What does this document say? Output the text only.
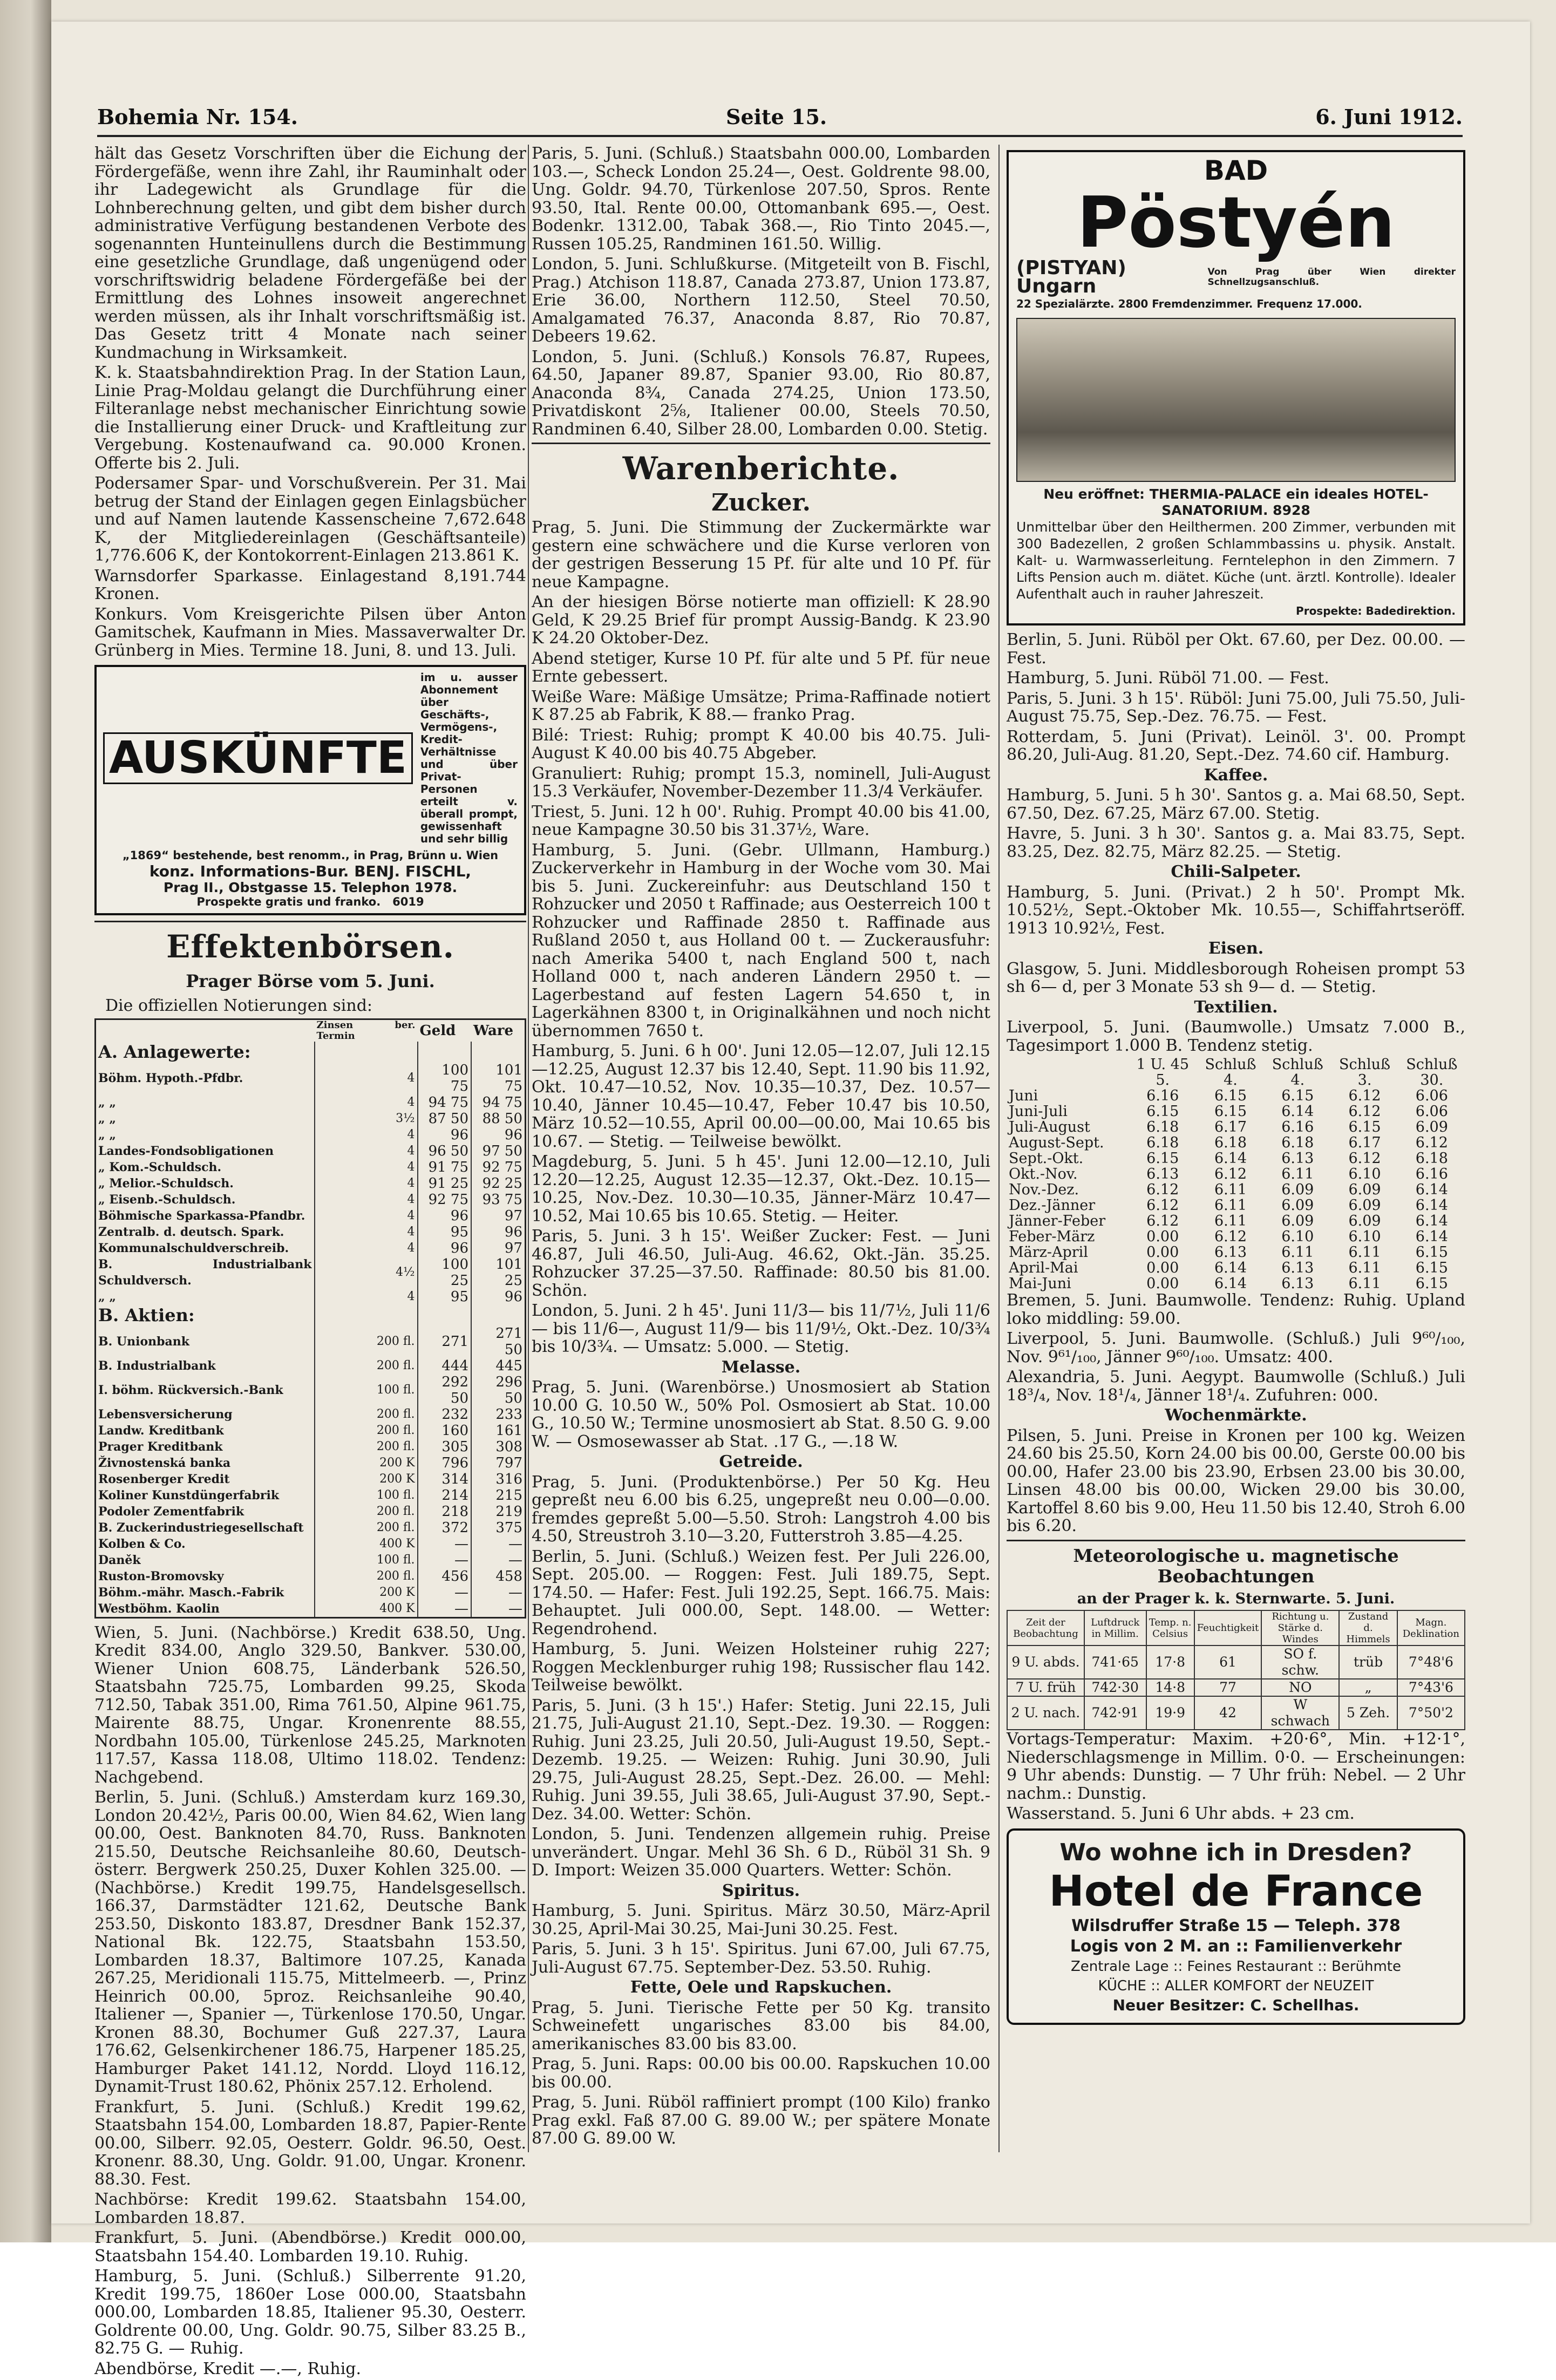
Bohemia Nr. 154.	Seite 15.	6. Juni 1912.

hält das Gesetz Vorschriften über die Eichung der Fördergefäße, wenn ihre Zahl, ihr Rauminhalt oder ihr Ladegewicht als Grundlage für die Lohnberechnung gelten, und gibt dem bisher durch administrative Verfügung bestandenen Verbote des sogenannten Hunteinullens durch die Bestimmung eine gesetzliche Grundlage, daß ungenügend oder vorschriftswidrig beladene Fördergefäße bei der Ermittlung des Lohnes insoweit angerechnet werden müssen, als ihr Inhalt vorschriftsmäßig ist. Das Gesetz tritt 4 Monate nach seiner Kundmachung in Wirksamkeit.

K. k. Staatsbahndirektion Prag. In der Station Laun, Linie Prag-Moldau gelangt die Durchführung einer Filteranlage nebst mechanischer Einrichtung sowie die Installierung einer Druck- und Kraftleitung zur Vergebung. Kostenaufwand ca. 90.000 Kronen. Offerte bis 2. Juli.

Podersamer Spar- und Vorschußverein. Per 31. Mai betrug der Stand der Einlagen gegen Einlagsbücher und auf Namen lautende Kassenscheine 7,672.648 K, der Mitgliedereinlagen (Geschäftsanteile) 1,776.606 K, der Kontokorrent-Einlagen 213.861 K.

Warnsdorfer Sparkasse. Einlagestand 8,191.744 Kronen.

Konkurs. Vom Kreisgerichte Pilsen über Anton Gamitschek, Kaufmann in Mies. Massaverwalter Dr. Grünberg in Mies. Termine 18. Juni, 8. und 13. Juli.

AUSKÜNFTE
im u. ausser Abonnement über Geschäfts-, Vermögens-, Kredit-Verhältnisse und über Privat-Personen erteilt v. überall prompt, gewissenhaft und sehr billig
„1869“ bestehende, best renomm., in Prag, Brünn u. Wien
konz. Informations-Bur. BENJ. FISCHL,
Prag II., Obstgasse 15. Telephon 1978.
Prospekte gratis und franko. 6019
Effektenbörsen.
Prager Börse vom 5. Juni.
Die offiziellen Notierungen sind:
	Zinsen ber. Termin	Geld	Ware
A. Anlagewerte:			
Böhm. Hypoth.-Pfdbr.	4	100 75	101 75
„ „	4	94 75	94 75
„ „	3½	87 50	88 50
„ „	4	96	96
Landes-Fondsobligationen	4	96 50	97 50
„ Kom.-Schuldsch.	4	91 75	92 75
„ Melior.-Schuldsch.	4	91 25	92 25
„ Eisenb.-Schuldsch.	4	92 75	93 75
Böhmische Sparkassa-Pfandbr.	4	96	97
Zentralb. d. deutsch. Spark.	4	95	96
Kommunalschuldverschreib.	4	96	97
B. Industrialbank Schuldversch.	4½	100 25	101 25
„ „	4	95	96
B. Aktien:			
B. Unionbank	200 fl.	271	271 50
B. Industrialbank	200 fl.	444	445
I. böhm. Rückversich.-Bank	100 fl.	292 50	296 50
Lebensversicherung	200 fl.	232	233
Landw. Kreditbank	200 fl.	160	161
Prager Kreditbank	200 fl.	305	308
Živnostenská banka	200 K	796	797
Rosenberger Kredit	200 K	314	316
Koliner Kunstdüngerfabrik	100 fl.	214	215
Podoler Zementfabrik	200 fl.	218	219
B. Zuckerindustriegesellschaft	200 fl.	372	375
Kolben & Co.	400 K	—	—
Daněk	100 fl.	—	—
Ruston-Bromovsky	200 fl.	456	458
Böhm.-mähr. Masch.-Fabrik	200 K	—	—
Westböhm. Kaolin	400 K	—	—

Wien, 5. Juni. (Nachbörse.) Kredit 638.50, Ung. Kredit 834.00, Anglo 329.50, Bankver. 530.00, Wiener Union 608.75, Länderbank 526.50, Staatsbahn 725.75, Lombarden 99.25, Skoda 712.50, Tabak 351.00, Rima 761.50, Alpine 961.75, Mairente 88.75, Ungar. Kronenrente 88.55, Nordbahn 105.00, Türkenlose 245.25, Marknoten 117.57, Kassa 118.08, Ultimo 118.02. Tendenz: Nachgebend.

Berlin, 5. Juni. (Schluß.) Amsterdam kurz 169.30, London 20.42½, Paris 00.00, Wien 84.62, Wien lang 00.00, Oest. Banknoten 84.70, Russ. Banknoten 215.50, Deutsche Reichsanleihe 80.60, Deutsch-österr. Bergwerk 250.25, Duxer Kohlen 325.00. — (Nachbörse.) Kredit 199.75, Handelsgesellsch. 166.37, Darmstädter 121.62, Deutsche Bank 253.50, Diskonto 183.87, Dresdner Bank 152.37, National Bk. 122.75, Staatsbahn 153.50, Lombarden 18.37, Baltimore 107.25, Kanada 267.25, Meridionali 115.75, Mittelmeerb. —, Prinz Heinrich 00.00, 5proz. Reichsanleihe 90.40, Italiener —, Spanier —, Türkenlose 170.50, Ungar. Kronen 88.30, Bochumer Guß 227.37, Laura 176.62, Gelsenkirchener 186.75, Harpener 185.25, Hamburger Paket 141.12, Nordd. Lloyd 116.12, Dynamit-Trust 180.62, Phönix 257.12. Erholend.

Frankfurt, 5. Juni. (Schluß.) Kredit 199.62, Staatsbahn 154.00, Lombarden 18.87, Papier-Rente 00.00, Silberr. 92.05, Oesterr. Goldr. 96.50, Oest. Kronenr. 88.30, Ung. Goldr. 91.00, Ungar. Kronenr. 88.30. Fest.

Nachbörse: Kredit 199.62. Staatsbahn 154.00, Lombarden 18.87.

Frankfurt, 5. Juni. (Abendbörse.) Kredit 000.00, Staatsbahn 154.40. Lombarden 19.10. Ruhig.

Hamburg, 5. Juni. (Schluß.) Silberrente 91.20, Kredit 199.75, 1860er Lose 000.00, Staatsbahn 000.00, Lombarden 18.85, Italiener 95.30, Oesterr. Goldrente 00.00, Ung. Goldr. 90.75, Silber 83.25 B., 82.75 G. — Ruhig.

Abendbörse, Kredit —.—, Ruhig.

Paris, 5. Juni. (Schluß.) Staatsbahn 000.00, Lombarden 103.—, Scheck London 25.24—, Oest. Goldrente 98.00, Ung. Goldr. 94.70, Türkenlose 207.50, Spros. Rente 93.50, Ital. Rente 00.00, Ottomanbank 695.—, Oest. Bodenkr. 1312.00, Tabak 368.—, Rio Tinto 2045.—, Russen 105.25, Randminen 161.50. Willig.

London, 5. Juni. Schlußkurse. (Mitgeteilt von B. Fischl, Prag.) Atchison 118.87, Canada 273.87, Union 173.87, Erie 36.00, Northern 112.50, Steel 70.50, Amalgamated 76.37, Anaconda 8.87, Rio 70.87, Debeers 19.62.

London, 5. Juni. (Schluß.) Konsols 76.87, Rupees, 64.50, Japaner 89.87, Spanier 93.00, Rio 80.87, Anaconda 8¾, Canada 274.25, Union 173.50, Privatdiskont 2⅝, Italiener 00.00, Steels 70.50, Randminen 6.40, Silber 28.00, Lombarden 0.00. Stetig.

Warenberichte.
Zucker.

Prag, 5. Juni. Die Stimmung der Zuckermärkte war gestern eine schwächere und die Kurse verloren von der gestrigen Besserung 15 Pf. für alte und 10 Pf. für neue Kampagne.

An der hiesigen Börse notierte man offiziell: K 28.90 Geld, K 29.25 Brief für prompt Aussig-Bandg. K 23.90 K 24.20 Oktober-Dez.

Abend stetiger, Kurse 10 Pf. für alte und 5 Pf. für neue Ernte gebessert.

Weiße Ware: Mäßige Umsätze; Prima-Raffinade notiert K 87.25 ab Fabrik, K 88.— franko Prag.

Bilé: Triest: Ruhig; prompt K 40.00 bis 40.75. Juli-August K 40.00 bis 40.75 Abgeber.

Granuliert: Ruhig; prompt 15.3, nominell, Juli-August 15.3 Verkäufer, November-Dezember 11.3/4 Verkäufer.

Triest, 5. Juni. 12 h 00'. Ruhig. Prompt 40.00 bis 41.00, neue Kampagne 30.50 bis 31.37½, Ware.

Hamburg, 5. Juni. (Gebr. Ullmann, Hamburg.) Zuckerverkehr in Hamburg in der Woche vom 30. Mai bis 5. Juni. Zuckereinfuhr: aus Deutschland 150 t Rohzucker und 2050 t Raffinade; aus Oesterreich 100 t Rohzucker und Raffinade 2850 t. Raffinade aus Rußland 2050 t, aus Holland 00 t. — Zuckerausfuhr: nach Amerika 5400 t, nach England 500 t, nach Holland 000 t, nach anderen Ländern 2950 t. — Lagerbestand auf festen Lagern 54.650 t, in Lagerkähnen 8300 t, in Originalkähnen und noch nicht übernommen 7650 t.

Hamburg, 5. Juni. 6 h 00'. Juni 12.05—12.07, Juli 12.15—12.25, August 12.37 bis 12.40, Sept. 11.90 bis 11.92, Okt. 10.47—10.52, Nov. 10.35—10.37, Dez. 10.57—10.40, Jänner 10.45—10.47, Feber 10.47 bis 10.50, März 10.52—10.55, April 00.00—00.00, Mai 10.65 bis 10.67. — Stetig. — Teilweise bewölkt.

Magdeburg, 5. Juni. 5 h 45'. Juni 12.00—12.10, Juli 12.20—12.25, August 12.35—12.37, Okt.-Dez. 10.15—10.25, Nov.-Dez. 10.30—10.35, Jänner-März 10.47—10.52, Mai 10.65 bis 10.65. Stetig. — Heiter.

Paris, 5. Juni. 3 h 15'. Weißer Zucker: Fest. — Juni 46.87, Juli 46.50, Juli-Aug. 46.62, Okt.-Jän. 35.25. Rohzucker 37.25—37.50. Raffinade: 80.50 bis 81.00. Schön.

London, 5. Juni. 2 h 45'. Juni 11/3— bis 11/7½, Juli 11/6— bis 11/6—, August 11/9— bis 11/9½, Okt.-Dez. 10/3¾ bis 10/3¾. — Umsatz: 5.000. — Stetig.

Melasse.

Prag, 5. Juni. (Warenbörse.) Unosmosiert ab Station 10.00 G. 10.50 W., 50% Pol. Osmosiert ab Stat. 10.00 G., 10.50 W.; Termine unosmosiert ab Stat. 8.50 G. 9.00 W. — Osmosewasser ab Stat. .17 G., —.18 W.

Getreide.

Prag, 5. Juni. (Produktenbörse.) Per 50 Kg. Heu gepreßt neu 6.00 bis 6.25, ungepreßt neu 0.00—0.00. fremdes gepreßt 5.00—5.50. Stroh: Langstroh 4.00 bis 4.50, Streustroh 3.10—3.20, Futterstroh 3.85—4.25.

Berlin, 5. Juni. (Schluß.) Weizen fest. Per Juli 226.00, Sept. 205.00. — Roggen: Fest. Juli 189.75, Sept. 174.50. — Hafer: Fest. Juli 192.25, Sept. 166.75. Mais: Behauptet. Juli 000.00, Sept. 148.00. — Wetter: Regendrohend.

Hamburg, 5. Juni. Weizen Holsteiner ruhig 227; Roggen Mecklenburger ruhig 198; Russischer flau 142. Teilweise bewölkt.

Paris, 5. Juni. (3 h 15'.) Hafer: Stetig. Juni 22.15, Juli 21.75, Juli-August 21.10, Sept.-Dez. 19.30. — Roggen: Ruhig. Juni 23.25, Juli 20.50, Juli-August 19.50, Sept.-Dezemb. 19.25. — Weizen: Ruhig. Juni 30.90, Juli 29.75, Juli-August 28.25, Sept.-Dez. 26.00. — Mehl: Ruhig. Juni 39.55, Juli 38.65, Juli-August 37.90, Sept.-Dez. 34.00. Wetter: Schön.

London, 5. Juni. Tendenzen allgemein ruhig. Preise unverändert. Ungar. Mehl 36 Sh. 6 D., Rüböl 31 Sh. 9 D. Import: Weizen 35.000 Quarters. Wetter: Schön.

Spiritus.

Hamburg, 5. Juni. Spiritus. März 30.50, März-April 30.25, April-Mai 30.25, Mai-Juni 30.25. Fest.

Paris, 5. Juni. 3 h 15'. Spiritus. Juni 67.00, Juli 67.75, Juli-August 67.75. September-Dez. 53.50. Ruhig.

Fette, Oele und Rapskuchen.

Prag, 5. Juni. Tierische Fette per 50 Kg. transito Schweinefett ungarisches 83.00 bis 84.00, amerikanisches 83.00 bis 83.00.

Prag, 5. Juni. Raps: 00.00 bis 00.00. Rapskuchen 10.00 bis 00.00.

Prag, 5. Juni. Rüböl raffiniert prompt (100 Kilo) franko Prag exkl. Faß 87.00 G. 89.00 W.; per spätere Monate 87.00 G. 89.00 W.

BAD
Pöstyén
(PISTYAN) Ungarn
Von Prag über Wien direkter Schnellzugsanschluß.
22 Spezialärzte. 2800 Fremdenzimmer. Frequenz 17.000.
Neu eröffnet: THERMIA-PALACE ein ideales HOTEL-SANATORIUM. 8928
Unmittelbar über den Heilthermen. 200 Zimmer, verbunden mit 300 Badezellen, 2 großen Schlammbassins u. physik. Anstalt. Kalt- u. Warmwasserleitung. Ferntelephon in den Zimmern. 7 Lifts Pension auch m. diätet. Küche (unt. ärztl. Kontrolle). Idealer Aufenthalt auch in rauher Jahreszeit.
Prospekte: Badedirektion.

Berlin, 5. Juni. Rüböl per Okt. 67.60, per Dez. 00.00. — Fest.

Hamburg, 5. Juni. Rüböl 71.00. — Fest.

Paris, 5. Juni. 3 h 15'. Rüböl: Juni 75.00, Juli 75.50, Juli-August 75.75, Sep.-Dez. 76.75. — Fest.

Rotterdam, 5. Juni (Privat). Leinöl. 3'. 00. Prompt 86.20, Juli-Aug. 81.20, Sept.-Dez. 74.60 cif. Hamburg.

Kaffee.

Hamburg, 5. Juni. 5 h 30'. Santos g. a. Mai 68.50, Sept. 67.50, Dez. 67.25, März 67.00. Stetig.

Havre, 5. Juni. 3 h 30'. Santos g. a. Mai 83.75, Sept. 83.25, Dez. 82.75, März 82.25. — Stetig.

Chili-Salpeter.

Hamburg, 5. Juni. (Privat.) 2 h 50'. Prompt Mk. 10.52½, Sept.-Oktober Mk. 10.55—, Schiffahrtseröff. 1913 10.92½, Fest.

Eisen.

Glasgow, 5. Juni. Middlesborough Roheisen prompt 53 sh 6— d, per 3 Monate 53 sh 9— d. — Stetig.

Textilien.

Liverpool, 5. Juni. (Baumwolle.) Umsatz 7.000 B., Tagesimport 1.000 B. Tendenz stetig.

	1 U. 45	Schluß	Schluß	Schluß	Schluß
	5.	4.	4.	3.	30.
Juni	6.16	6.15	6.15	6.12	6.06
Juni-Juli	6.15	6.15	6.14	6.12	6.06
Juli-August	6.18	6.17	6.16	6.15	6.09
August-Sept.	6.18	6.18	6.18	6.17	6.12
Sept.-Okt.	6.15	6.14	6.13	6.12	6.18
Okt.-Nov.	6.13	6.12	6.11	6.10	6.16
Nov.-Dez.	6.12	6.11	6.09	6.09	6.14
Dez.-Jänner	6.12	6.11	6.09	6.09	6.14
Jänner-Feber	6.12	6.11	6.09	6.09	6.14
Feber-März	0.00	6.12	6.10	6.10	6.14
März-April	0.00	6.13	6.11	6.11	6.15
April-Mai	0.00	6.14	6.13	6.11	6.15
Mai-Juni	0.00	6.14	6.13	6.11	6.15

Bremen, 5. Juni. Baumwolle. Tendenz: Ruhig. Upland loko middling: 59.00.

Liverpool, 5. Juni. Baumwolle. (Schluß.) Juli 9⁶⁰/₁₀₀, Nov. 9⁶¹/₁₀₀, Jänner 9⁶⁰/₁₀₀. Umsatz: 400.

Alexandria, 5. Juni. Aegypt. Baumwolle (Schluß.) Juli 18³/₄, Nov. 18¹/₄, Jänner 18¹/₄. Zufuhren: 000.

Wochenmärkte.

Pilsen, 5. Juni. Preise in Kronen per 100 kg. Weizen 24.60 bis 25.50, Korn 24.00 bis 00.00, Gerste 00.00 bis 00.00, Hafer 23.00 bis 23.90, Erbsen 23.00 bis 30.00, Linsen 48.00 bis 00.00, Wicken 29.00 bis 30.00, Kartoffel 8.60 bis 9.00, Heu 11.50 bis 12.40, Stroh 6.00 bis 6.20.

Meteorologische u. magnetische Beobachtungen
an der Prager k. k. Sternwarte. 5. Juni.
Zeit der Beobachtung	Luftdruck in Millim.	Temp. n. Celsius	Feuchtigkeit	Richtung u. Stärke d. Windes	Zustand d. Himmels	Magn. Deklination
9 U. abds.	741·65	17·8	61	SO f. schw.	trüb	7°48'6
7 U. früh	742·30	14·8	77	NO	„	7°43'6
2 U. nach.	742·91	19·9	42	W schwach	5 Zeh.	7°50'2

Vortags-Temperatur: Maxim. +20·6°, Min. +12·1°, Niederschlagsmenge in Millim. 0·0. — Erscheinungen: 9 Uhr abends: Dunstig. — 7 Uhr früh: Nebel. — 2 Uhr nachm.: Dunstig.

Wasserstand. 5. Juni 6 Uhr abds. + 23 cm.

Wo wohne ich in Dresden?
Hotel de France
Wilsdruffer Straße 15 — Teleph. 378
Logis von 2 M. an :: Familienverkehr
Zentrale Lage :: Feines Restaurant :: Berühmte
KÜCHE :: ALLER KOMFORT der NEUZEIT
Neuer Besitzer: C. Schellhas.
